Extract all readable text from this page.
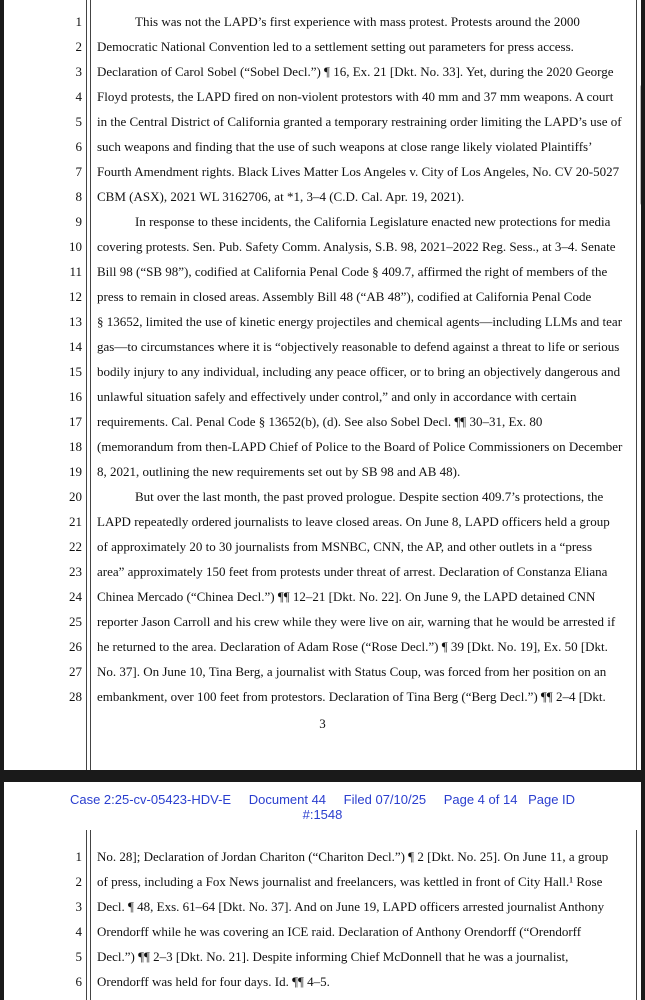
1	This was not the LAPD’s first experience with mass protest. Protests around the 2000
2 Democratic National Convention led to a settlement setting out parameters for press access.
3 Declaration of Carol Sobel (“Sobel Decl.”) ¶ 16, Ex. 21 [Dkt. No. 33]. Yet, during the 2020 George
4 Floyd protests, the LAPD fired on non-violent protestors with 40 mm and 37 mm weapons. A court
5 in the Central District of California granted a temporary restraining order limiting the LAPD’s use of
6 such weapons and finding that the use of such weapons at close range likely violated Plaintiffs’
7 Fourth Amendment rights. Black Lives Matter Los Angeles v. City of Los Angeles, No. CV 20-5027
8 CBM (ASX), 2021 WL 3162706, at *1, 3–4 (C.D. Cal. Apr. 19, 2021).
9	In response to these incidents, the California Legislature enacted new protections for media
10 covering protests. Sen. Pub. Safety Comm. Analysis, S.B. 98, 2021–2022 Reg. Sess., at 3–4. Senate
11 Bill 98 (“SB 98”), codified at California Penal Code § 409.7, affirmed the right of members of the
12 press to remain in closed areas. Assembly Bill 48 (“AB 48”), codified at California Penal Code
13 § 13652, limited the use of kinetic energy projectiles and chemical agents—including LLMs and tear
14 gas—to circumstances where it is “objectively reasonable to defend against a threat to life or serious
15 bodily injury to any individual, including any peace officer, or to bring an objectively dangerous and
16 unlawful situation safely and effectively under control,” and only in accordance with certain
17 requirements. Cal. Penal Code § 13652(b), (d). See also Sobel Decl. ¶¶ 30–31, Ex. 80
18 (memorandum from then-LAPD Chief of Police to the Board of Police Commissioners on December
19 8, 2021, outlining the new requirements set out by SB 98 and AB 48).
20	But over the last month, the past proved prologue. Despite section 409.7’s protections, the
21 LAPD repeatedly ordered journalists to leave closed areas. On June 8, LAPD officers held a group
22 of approximately 20 to 30 journalists from MSNBC, CNN, the AP, and other outlets in a “press
23 area” approximately 150 feet from protests under threat of arrest. Declaration of Constanza Eliana
24 Chinea Mercado (“Chinea Decl.”) ¶¶ 12–21 [Dkt. No. 22]. On June 9, the LAPD detained CNN
25 reporter Jason Carroll and his crew while they were live on air, warning that he would be arrested if
26 he returned to the area. Declaration of Adam Rose (“Rose Decl.”) ¶ 39 [Dkt. No. 19], Ex. 50 [Dkt.
27 No. 37]. On June 10, Tina Berg, a journalist with Status Coup, was forced from her position on an
28 embankment, over 100 feet from protestors. Declaration of Tina Berg (“Berg Decl.”) ¶¶ 2–4 [Dkt.
3
Case 2:25-cv-05423-HDV-E Document 44 Filed 07/10/25 Page 4 of 14 Page ID
#:1548
1 No. 28]; Declaration of Jordan Chariton (“Chariton Decl.”) ¶ 2 [Dkt. No. 25]. On June 11, a group
2 of press, including a Fox News journalist and freelancers, was kettled in front of City Hall.¹ Rose
3 Decl. ¶ 48, Exs. 61–64 [Dkt. No. 37]. And on June 19, LAPD officers arrested journalist Anthony
4 Orendorff while he was covering an ICE raid. Declaration of Anthony Orendorff (“Orendorff
5 Decl.”) ¶¶ 2–3 [Dkt. No. 21]. Despite informing Chief McDonnell that he was a journalist,
6 Orendorff was held for four days. Id. ¶¶ 4–5.
